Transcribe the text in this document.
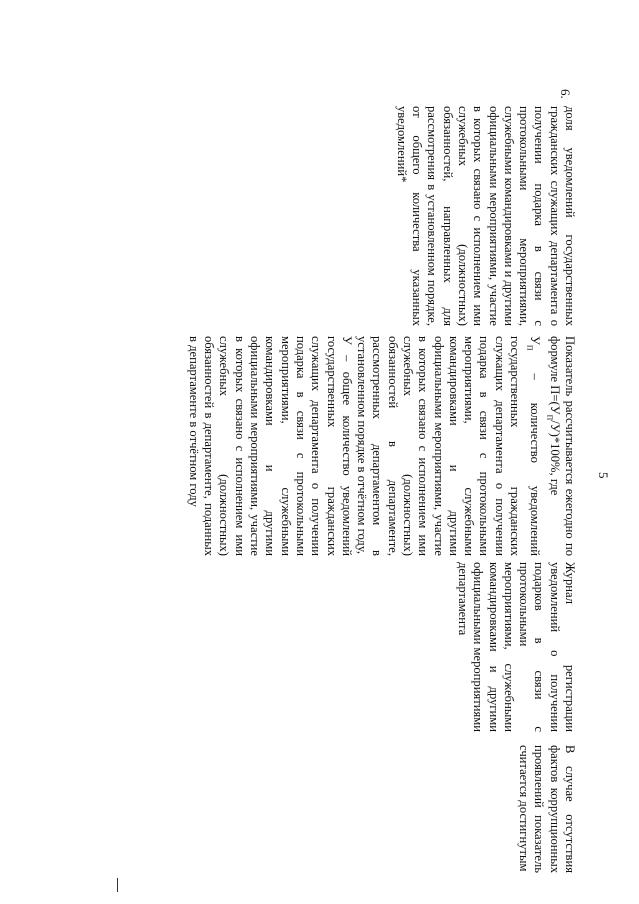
5
6.

доля уведомлений государственных гражданских служащих департамента о получении подарка в связи с протокольными мероприятиями, служебными командировками и другими официальными мероприятиями, участие в которых связано с исполнением ими служебных (должностных) обязанностей, направленных для рассмотрения в установленном порядке, от общего количества указанных уведомлений*

Показатель рассчитывается ежегодно по формуле $П=(У_п/У)*100\%$, где

$У_п$ – количество уведомлений государственных гражданских служащих департамента о получении подарка в связи с протокольными мероприятиями, служебными командировками и другими официальными мероприятиями, участие в которых связано с исполнением ими служебных (должностных) обязанностей в департаменте, рассмотренных департаментом в установленном порядке в отчётном году,

У – общее количество уведомлений государственных гражданских служащих департамента о получении подарка в связи с протокольными мероприятиями, служебными командировками и другими официальными мероприятиями, участие в которых связано с исполнением ими служебных (должностных) обязанностей в департаменте, поданных в департаменте в отчётном году

Журнал регистрации уведомлений о получении подарков в связи с протокольными мероприятиями, служебными командировками и другими официальными мероприятиями департамента

В случае отсутствия фактов коррупционных проявлений показатель считается достигнутым
